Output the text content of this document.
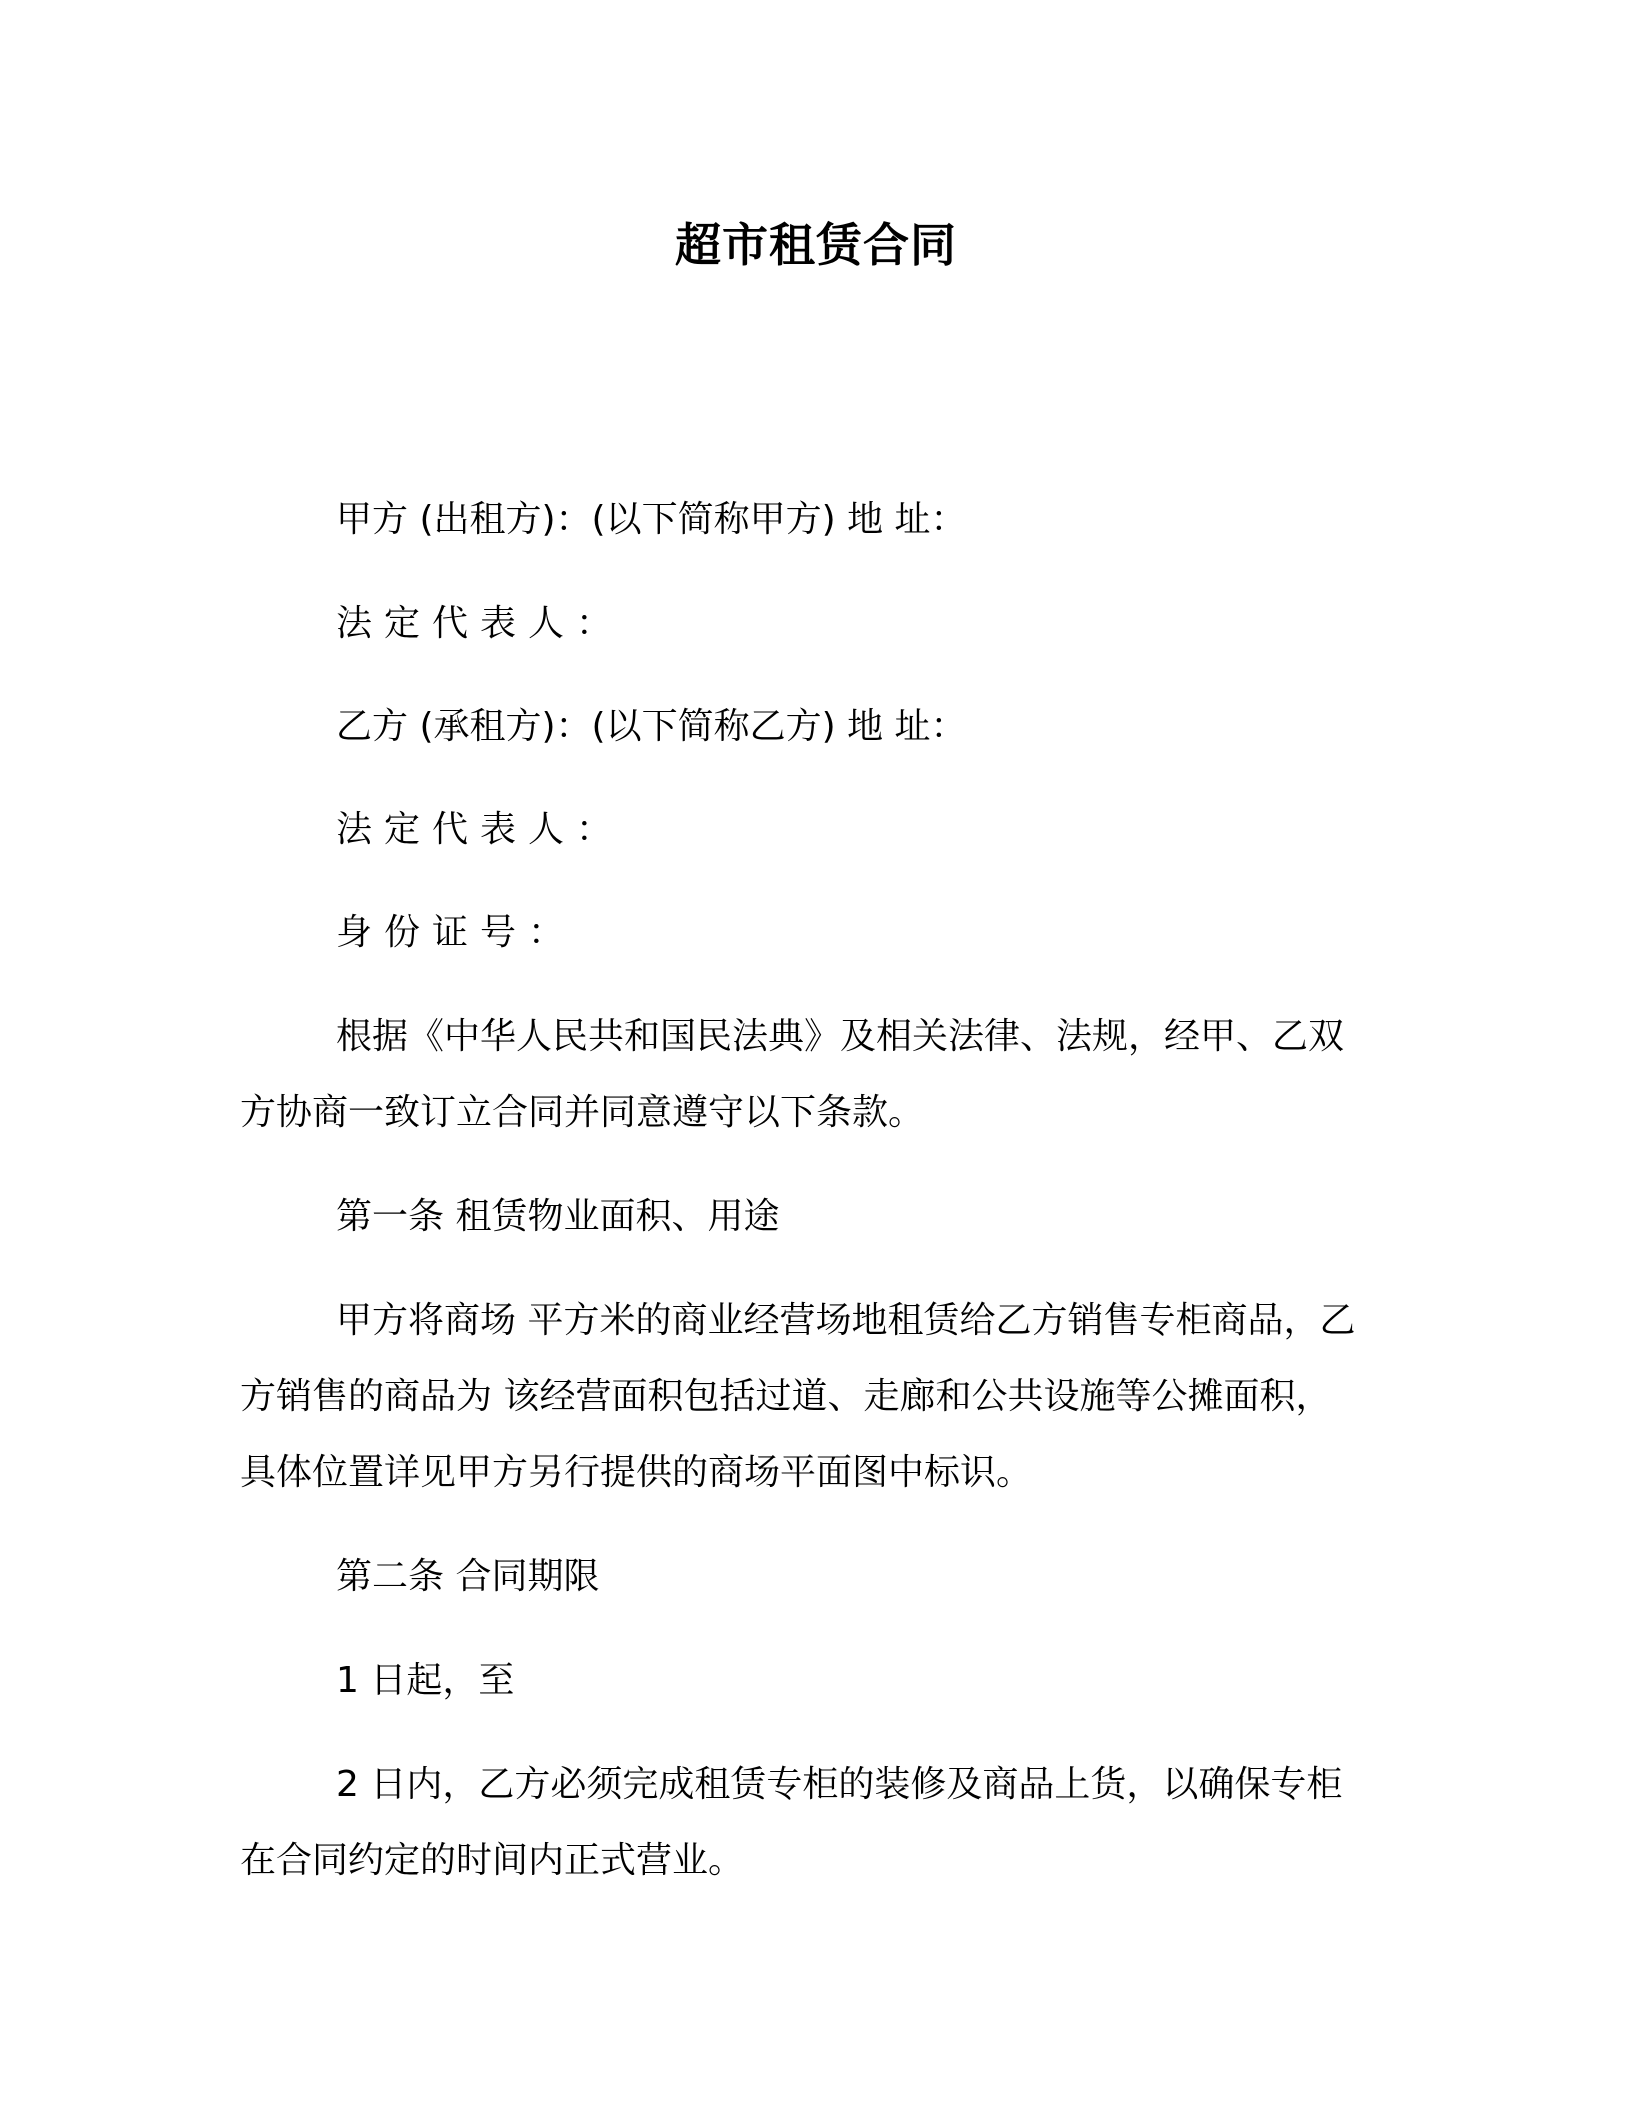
超市租赁合同

甲方 (出租方)：(以下简称甲方) 地 址：

法定代表人：

乙方 (承租方)：(以下简称乙方) 地 址：

法定代表人：

身份证号：

根据《中华人民共和国民法典》及相关法律、法规，经甲、乙双

方协商一致订立合同并同意遵守以下条款。

第一条 租赁物业面积、用途

甲方将商场 平方米的商业经营场地租赁给乙方销售专柜商品，乙

方销售的商品为 该经营面积包括过道、走廊和公共设施等公摊面积，

具体位置详见甲方另行提供的商场平面图中标识。

第二条 合同期限

1 日起，至

2 日内，乙方必须完成租赁专柜的装修及商品上货，以确保专柜

在合同约定的时间内正式营业。
